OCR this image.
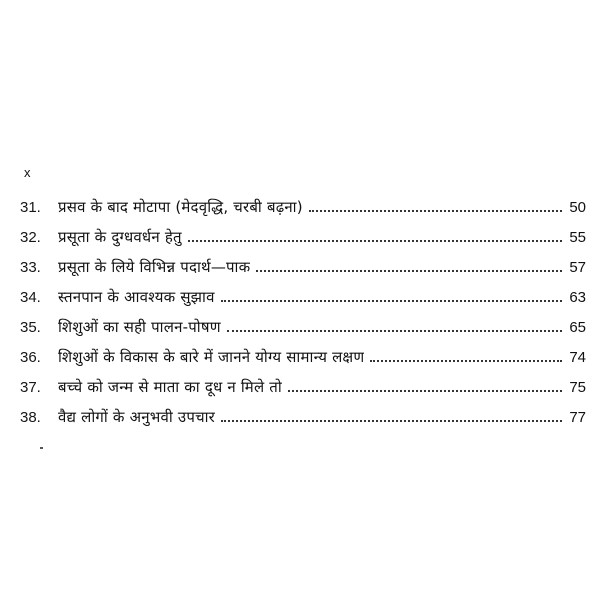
x
31.	प्रसव के बाद मोटापा (मेदवृद्धि, चरबी बढ़ना)	50
32.	प्रसूता के दुग्धवर्धन हेतु	55
33.	प्रसूता के लिये विभिन्न पदार्थ—पाक	57
34.	स्तनपान के आवश्यक सुझाव	63
35.	शिशुओं का सही पालन-पोषण	65
36.	शिशुओं के विकास के बारे में जानने योग्य सामान्य लक्षण	74
37.	बच्चे को जन्म से माता का दूध न मिले तो	75
38.	वैद्य लोगों के अनुभवी उपचार	77
